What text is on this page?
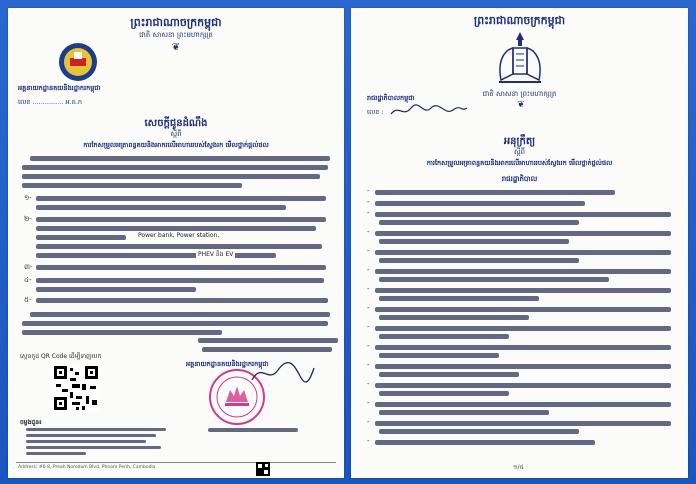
ព្រះរាជាណាចក្រកម្ពុជា
ជាតិ សាសនា ព្រះមហាក្សត្រ
❦
អគ្គនាយកដ្ឋានគយនិងរដ្ឋាករកម្ពុជា
លេខ ............... អ.គ.ក
សេចក្តីជូនដំណឹង
ស្តីពី
ការកែសម្រួលអត្រាពន្ធគយនិងអាករលើអាហាររបស់ស្វែងរក មើលថ្នាក់ផ្តល់ផល
១-
២-
Power bank, Power station,
PHEV និង EV
៣-
៤-
៥-
អគ្គនាយកដ្ឋានគយនិងរដ្ឋាករកម្ពុជា
ស្កេនកូដ QR Code ដើម្បីទាញយក
ចម្លងជូន៖
Address: #6-8, Preah Norodom Blvd, Phnom Penh, Cambodia
ព្រះរាជាណាចក្រកម្ពុជា
ជាតិ សាសនា ព្រះមហាក្សត្រ
❦
រាជរដ្ឋាភិបាលកម្ពុជា
លេខ :
អនុក្រឹត្យ
ស្តីពី
ការកែសម្រួលអត្រាពន្ធគយនិងអាករលើអាហាររបស់ស្វែងរក មើលថ្នាក់ផ្តល់ផល
រាជរដ្ឋាភិបាល
-
-
-
-
-
-
-
-
-
-
-
-
-
-
-
១/៥
